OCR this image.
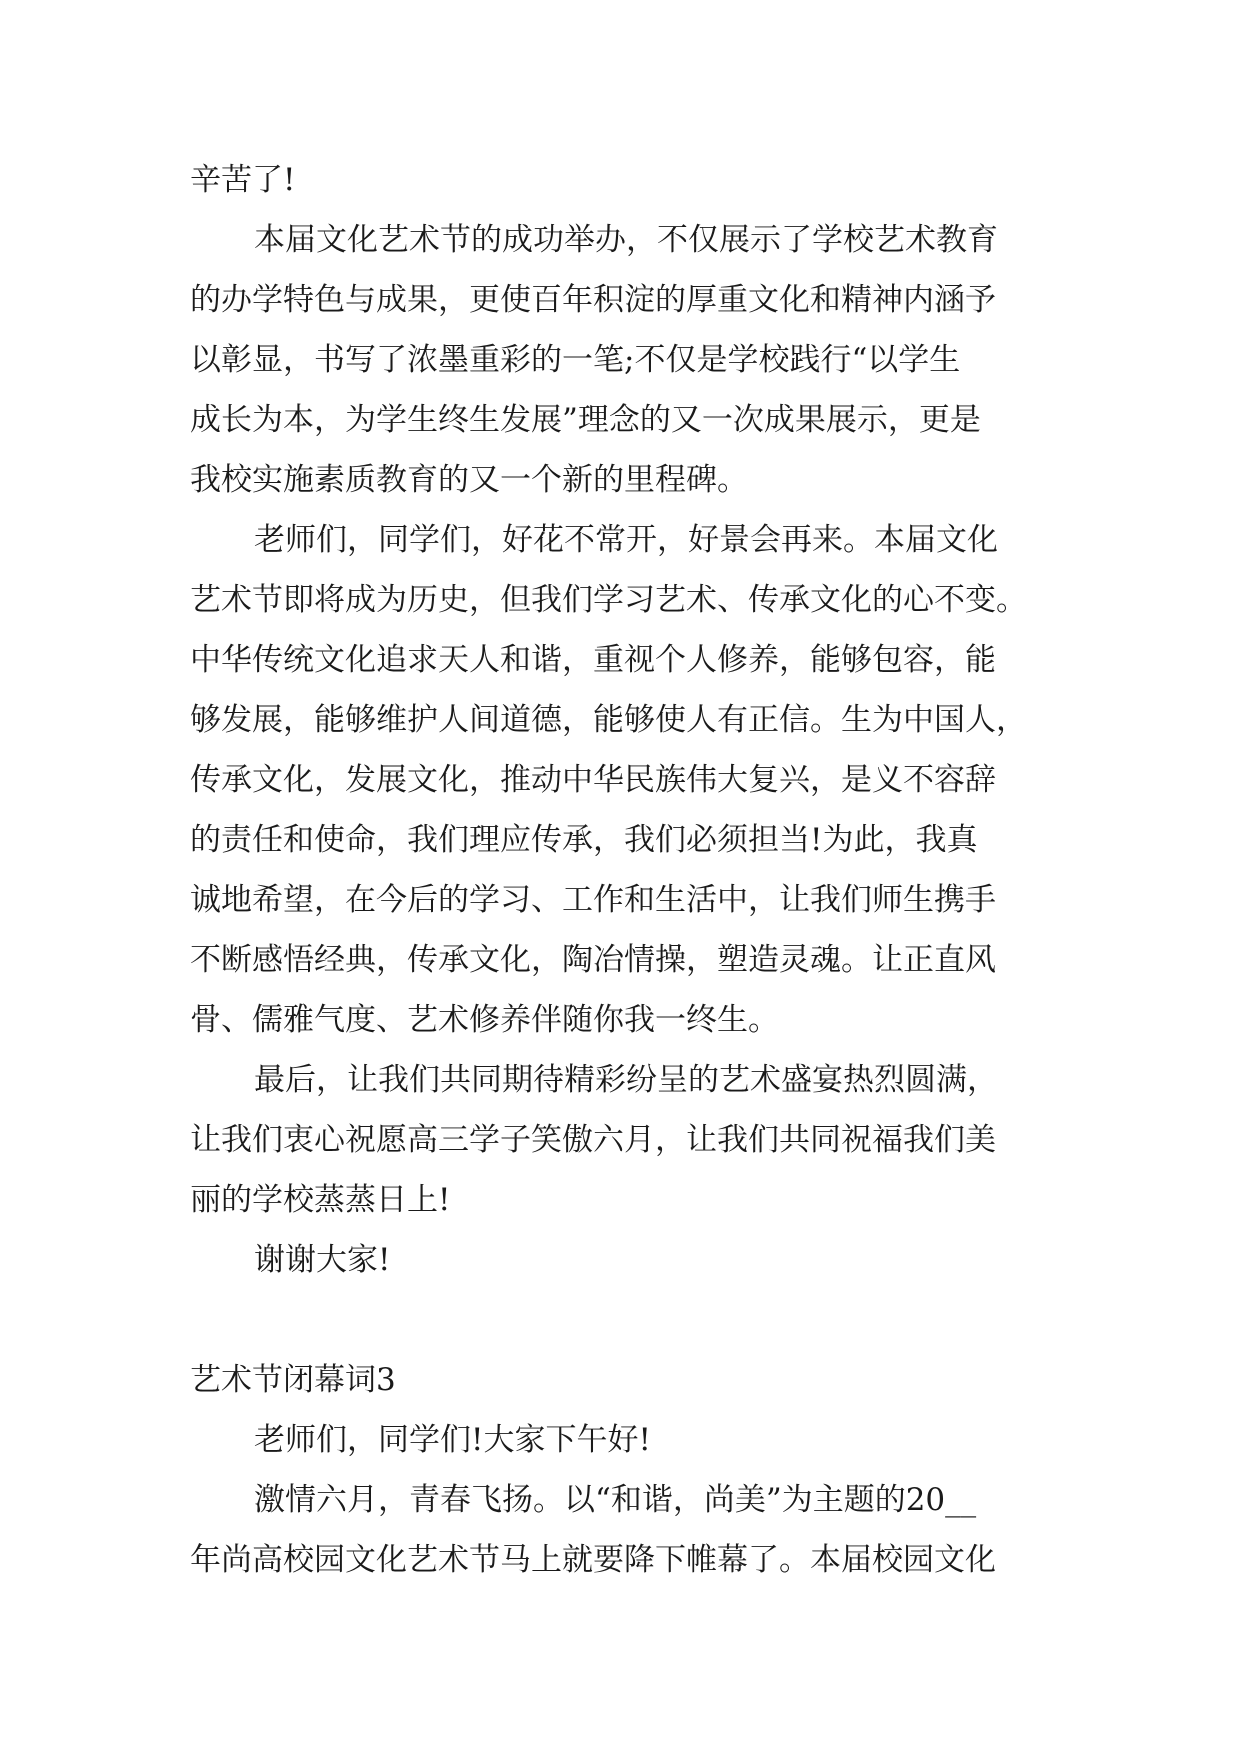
辛苦了!
本届文化艺术节的成功举办，不仅展示了学校艺术教育
的办学特色与成果，更使百年积淀的厚重文化和精神内涵予
以彰显，书写了浓墨重彩的一笔;不仅是学校践行“以学生
成长为本，为学生终生发展”理念的又一次成果展示，更是
我校实施素质教育的又一个新的里程碑。
老师们，同学们，好花不常开，好景会再来。本届文化
艺术节即将成为历史，但我们学习艺术、传承文化的心不变。
中华传统文化追求天人和谐，重视个人修养，能够包容，能
够发展，能够维护人间道德，能够使人有正信。生为中国人，
传承文化，发展文化，推动中华民族伟大复兴，是义不容辞
的责任和使命，我们理应传承，我们必须担当!为此，我真
诚地希望，在今后的学习、工作和生活中，让我们师生携手
不断感悟经典，传承文化，陶冶情操，塑造灵魂。让正直风
骨、儒雅气度、艺术修养伴随你我一终生。
最后，让我们共同期待精彩纷呈的艺术盛宴热烈圆满，
让我们衷心祝愿高三学子笑傲六月，让我们共同祝福我们美
丽的学校蒸蒸日上!
谢谢大家!
艺术节闭幕词3
老师们，同学们!大家下午好!
激情六月，青春飞扬。以“和谐，尚美”为主题的20__
年尚高校园文化艺术节马上就要降下帷幕了。本届校园文化
